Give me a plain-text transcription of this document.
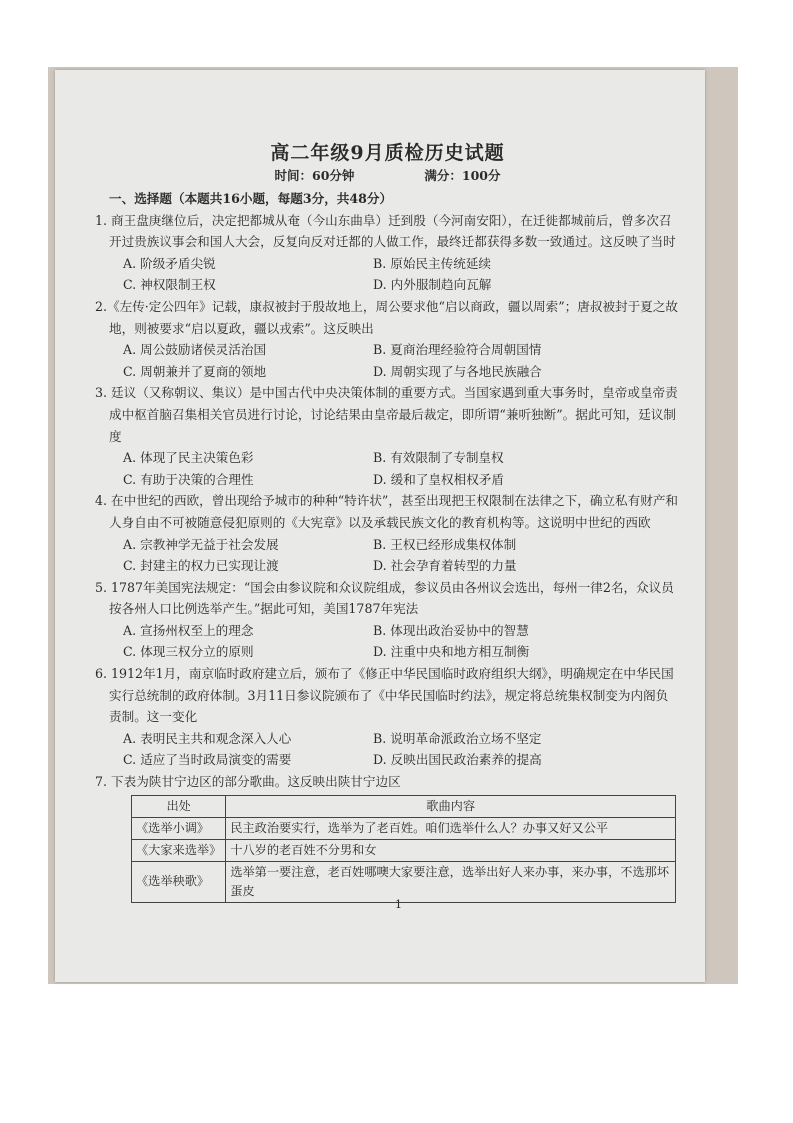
高二年级9月质检历史试题
时间：60分钟	满分：100分
一、选择题（本题共16小题，每题3分，共48分）

1. 商王盘庚继位后，决定把都城从奄（今山东曲阜）迁到殷（今河南安阳），在迁徙都城前后，曾多次召开过贵族议事会和国人大会，反复向反对迁都的人做工作，最终迁都获得多数一致通过。这反映了当时

A. 阶级矛盾尖锐	B. 原始民主传统延续
C. 神权限制王权	D. 内外服制趋向瓦解

2.《左传·定公四年》记载，康叔被封于殷故地上，周公要求他“启以商政，疆以周索”；唐叔被封于夏之故地，则被要求“启以夏政，疆以戎索”。这反映出

A. 周公鼓励诸侯灵活治国	B. 夏商治理经验符合周朝国情
C. 周朝兼并了夏商的领地	D. 周朝实现了与各地民族融合

3. 廷议（又称朝议、集议）是中国古代中央决策体制的重要方式。当国家遇到重大事务时，皇帝或皇帝责成中枢首脑召集相关官员进行讨论，讨论结果由皇帝最后裁定，即所谓“兼听独断”。据此可知，廷议制度

A. 体现了民主决策色彩	B. 有效限制了专制皇权
C. 有助于决策的合理性	D. 缓和了皇权相权矛盾

4. 在中世纪的西欧，曾出现给予城市的种种“特许状”，甚至出现把王权限制在法律之下，确立私有财产和人身自由不可被随意侵犯原则的《大宪章》以及承载民族文化的教育机构等。这说明中世纪的西欧

A. 宗教神学无益于社会发展	B. 王权已经形成集权体制
C. 封建主的权力已实现让渡	D. 社会孕育着转型的力量

5. 1787年美国宪法规定：“国会由参议院和众议院组成，参议员由各州议会选出，每州一律2名，众议员按各州人口比例选举产生。”据此可知，美国1787年宪法

A. 宣扬州权至上的理念	B. 体现出政治妥协中的智慧
C. 体现三权分立的原则	D. 注重中央和地方相互制衡

6. 1912年1月，南京临时政府建立后，颁布了《修正中华民国临时政府组织大纲》，明确规定在中华民国实行总统制的政府体制。3月11日参议院颁布了《中华民国临时约法》，规定将总统集权制变为内阁负责制。这一变化

A. 表明民主共和观念深入人心	B. 说明革命派政治立场不坚定
C. 适应了当时政局演变的需要	D. 反映出国民政治素养的提高

7. 下表为陕甘宁边区的部分歌曲。这反映出陕甘宁边区

出处	歌曲内容
《选举小调》	民主政治要实行，选举为了老百姓。咱们选举什么人？办事又好又公平
《大家来选举》	十八岁的老百姓不分男和女
《选举秧歌》	选举第一要注意，老百姓哪噢大家要注意，选举出好人来办事，来办事，不选那坏蛋皮
1
